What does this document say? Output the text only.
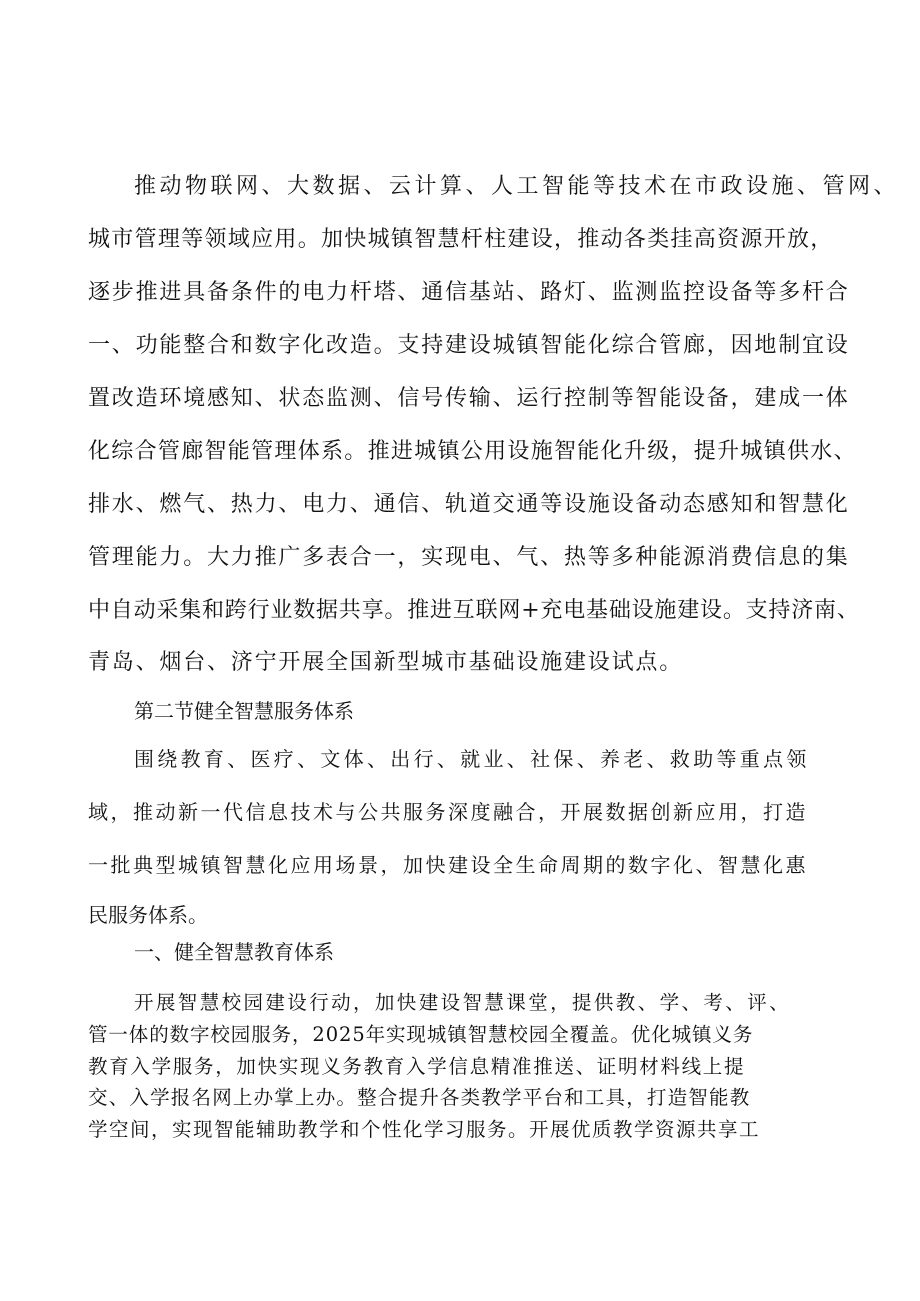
推动物联网、大数据、云计算、人工智能等技术在市政设施、管网、
城市管理等领域应用。加快城镇智慧杆柱建设，推动各类挂高资源开放，
逐步推进具备条件的电力杆塔、通信基站、路灯、监测监控设备等多杆合
一、功能整合和数字化改造。支持建设城镇智能化综合管廊，因地制宜设
置改造环境感知、状态监测、信号传输、运行控制等智能设备，建成一体
化综合管廊智能管理体系。推进城镇公用设施智能化升级，提升城镇供水、
排水、燃气、热力、电力、通信、轨道交通等设施设备动态感知和智慧化
管理能力。大力推广多表合一，实现电、气、热等多种能源消费信息的集
中自动采集和跨行业数据共享。推进互联网+充电基础设施建设。支持济南、
青岛、烟台、济宁开展全国新型城市基础设施建设试点。
第二节健全智慧服务体系
围绕教育、医疗、文体、出行、就业、社保、养老、救助等重点领
域，推动新一代信息技术与公共服务深度融合，开展数据创新应用，打造
一批典型城镇智慧化应用场景，加快建设全生命周期的数字化、智慧化惠
民服务体系。
一、健全智慧教育体系
开展智慧校园建设行动，加快建设智慧课堂，提供教、学、考、评、
管一体的数字校园服务，2025年实现城镇智慧校园全覆盖。优化城镇义务
教育入学服务，加快实现义务教育入学信息精准推送、证明材料线上提
交、入学报名网上办掌上办。整合提升各类教学平台和工具，打造智能教
学空间，实现智能辅助教学和个性化学习服务。开展优质教学资源共享工
